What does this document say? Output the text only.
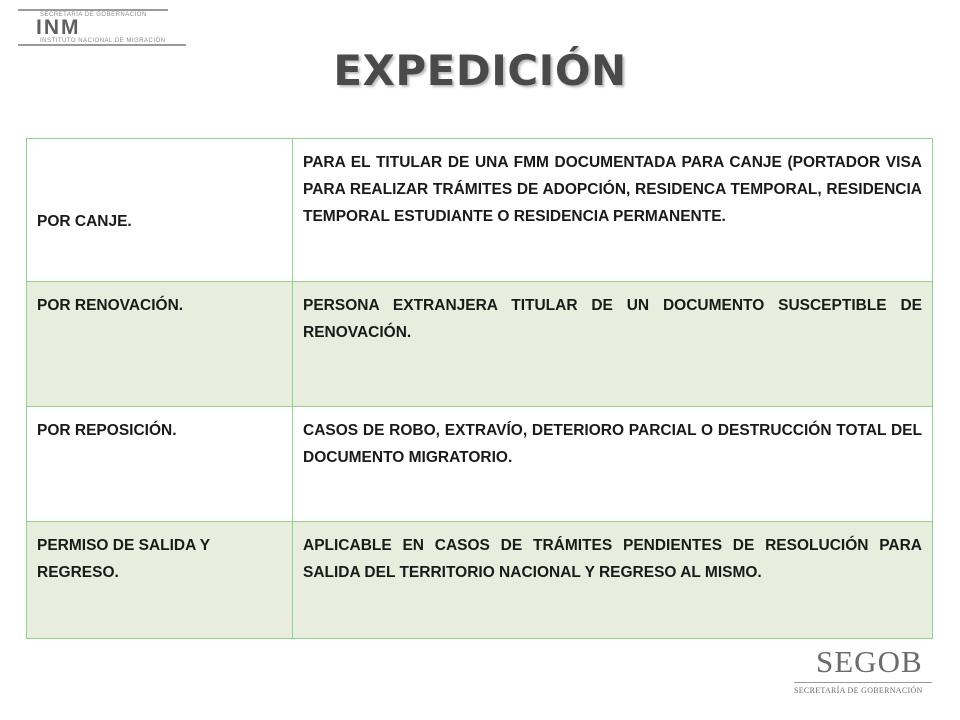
SECRETARÍA DE GOBERNACIÓN
INM
INSTITUTO NACIONAL DE MIGRACIÓN
EXPEDICIÓN
POR CANJE.	PARA EL TITULAR DE UNA FMM DOCUMENTADA PARA CANJE (PORTADOR VISA PARA REALIZAR TRÁMITES DE ADOPCIÓN, RESIDENCA TEMPORAL, RESIDENCIA TEMPORAL ESTUDIANTE O RESIDENCIA PERMANENTE.
POR RENOVACIÓN.	PERSONA EXTRANJERA TITULAR DE UN DOCUMENTO SUSCEPTIBLE DE RENOVACIÓN.
POR REPOSICIÓN.	CASOS DE ROBO, EXTRAVÍO, DETERIORO PARCIAL O DESTRUCCIÓN TOTAL DEL DOCUMENTO MIGRATORIO.
PERMISO DE SALIDA Y REGRESO.	APLICABLE EN CASOS DE TRÁMITES PENDIENTES DE RESOLUCIÓN PARA SALIDA DEL TERRITORIO NACIONAL Y REGRESO AL MISMO.
SEGOB
SECRETARÍA DE GOBERNACIÓN
